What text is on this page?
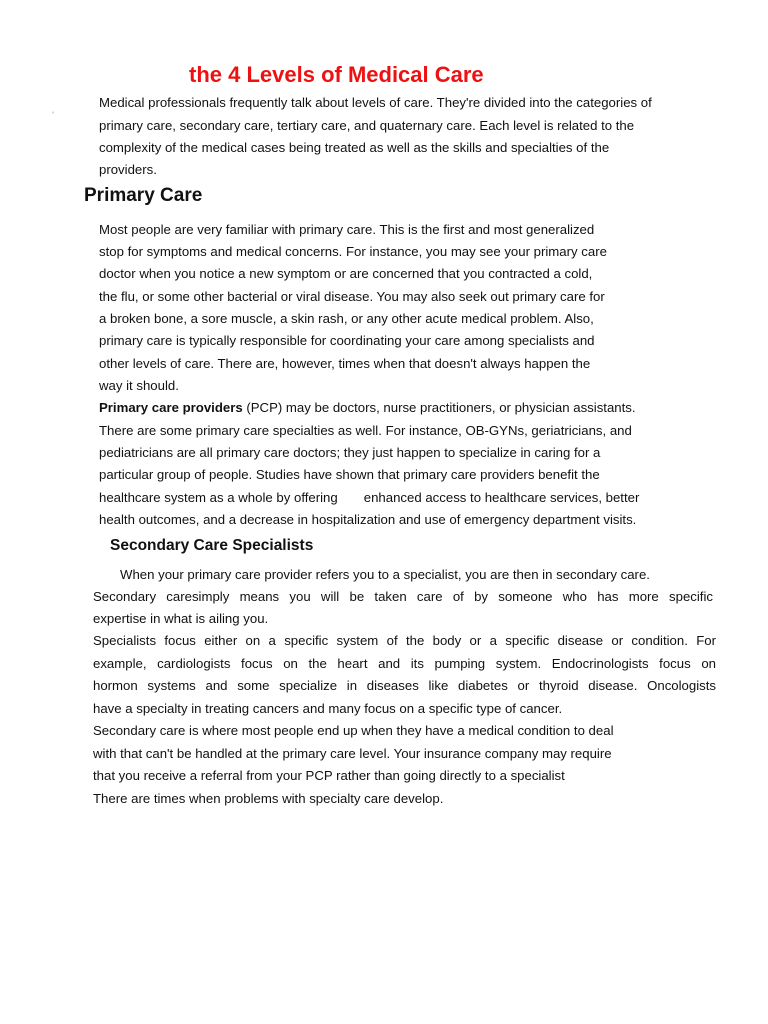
the 4 Levels of Medical Care
°

Medical professionals frequently talk about levels of care. They're divided into the categories of

primary care, secondary care, tertiary care, and quaternary care. Each level is related to the

complexity of the medical cases being treated as well as the skills and specialties of the

providers.

Primary Care

Most people are very familiar with primary care. This is the first and most generalized

stop for symptoms and medical concerns. For instance, you may see your primary care

doctor when you notice a new symptom or are concerned that you contracted a cold,

the flu, or some other bacterial or viral disease. You may also seek out primary care for

a broken bone, a sore muscle, a skin rash, or any other acute medical problem. Also,

primary care is typically responsible for coordinating your care among specialists and

other levels of care. There are, however, times when that doesn't always happen the

way it should.

Primary care providers (PCP) may be doctors, nurse practitioners, or physician assistants.

There are some primary care specialties as well. For instance, OB-GYNs, geriatricians, and

pediatricians are all primary care doctors; they just happen to specialize in caring for a

particular group of people. Studies have shown that primary care providers benefit the

healthcare system as a whole by offering enhanced access to healthcare services, better

health outcomes, and a decrease in hospitalization and use of emergency department visits.

Secondary Care Specialists

When your primary care provider refers you to a specialist, you are then in secondary care.

Secondary caresimply means you will be taken care of by someone who has more specific

expertise in what is ailing you.

Specialists focus either on a specific system of the body or a specific disease or condition. For

example, cardiologists focus on the heart and its pumping system. Endocrinologists focus on

hormon systems and some specialize in diseases like diabetes or thyroid disease. Oncologists

have a specialty in treating cancers and many focus on a specific type of cancer.

Secondary care is where most people end up when they have a medical condition to deal

with that can't be handled at the primary care level. Your insurance company may require

that you receive a referral from your PCP rather than going directly to a specialist

There are times when problems with specialty care develop.
